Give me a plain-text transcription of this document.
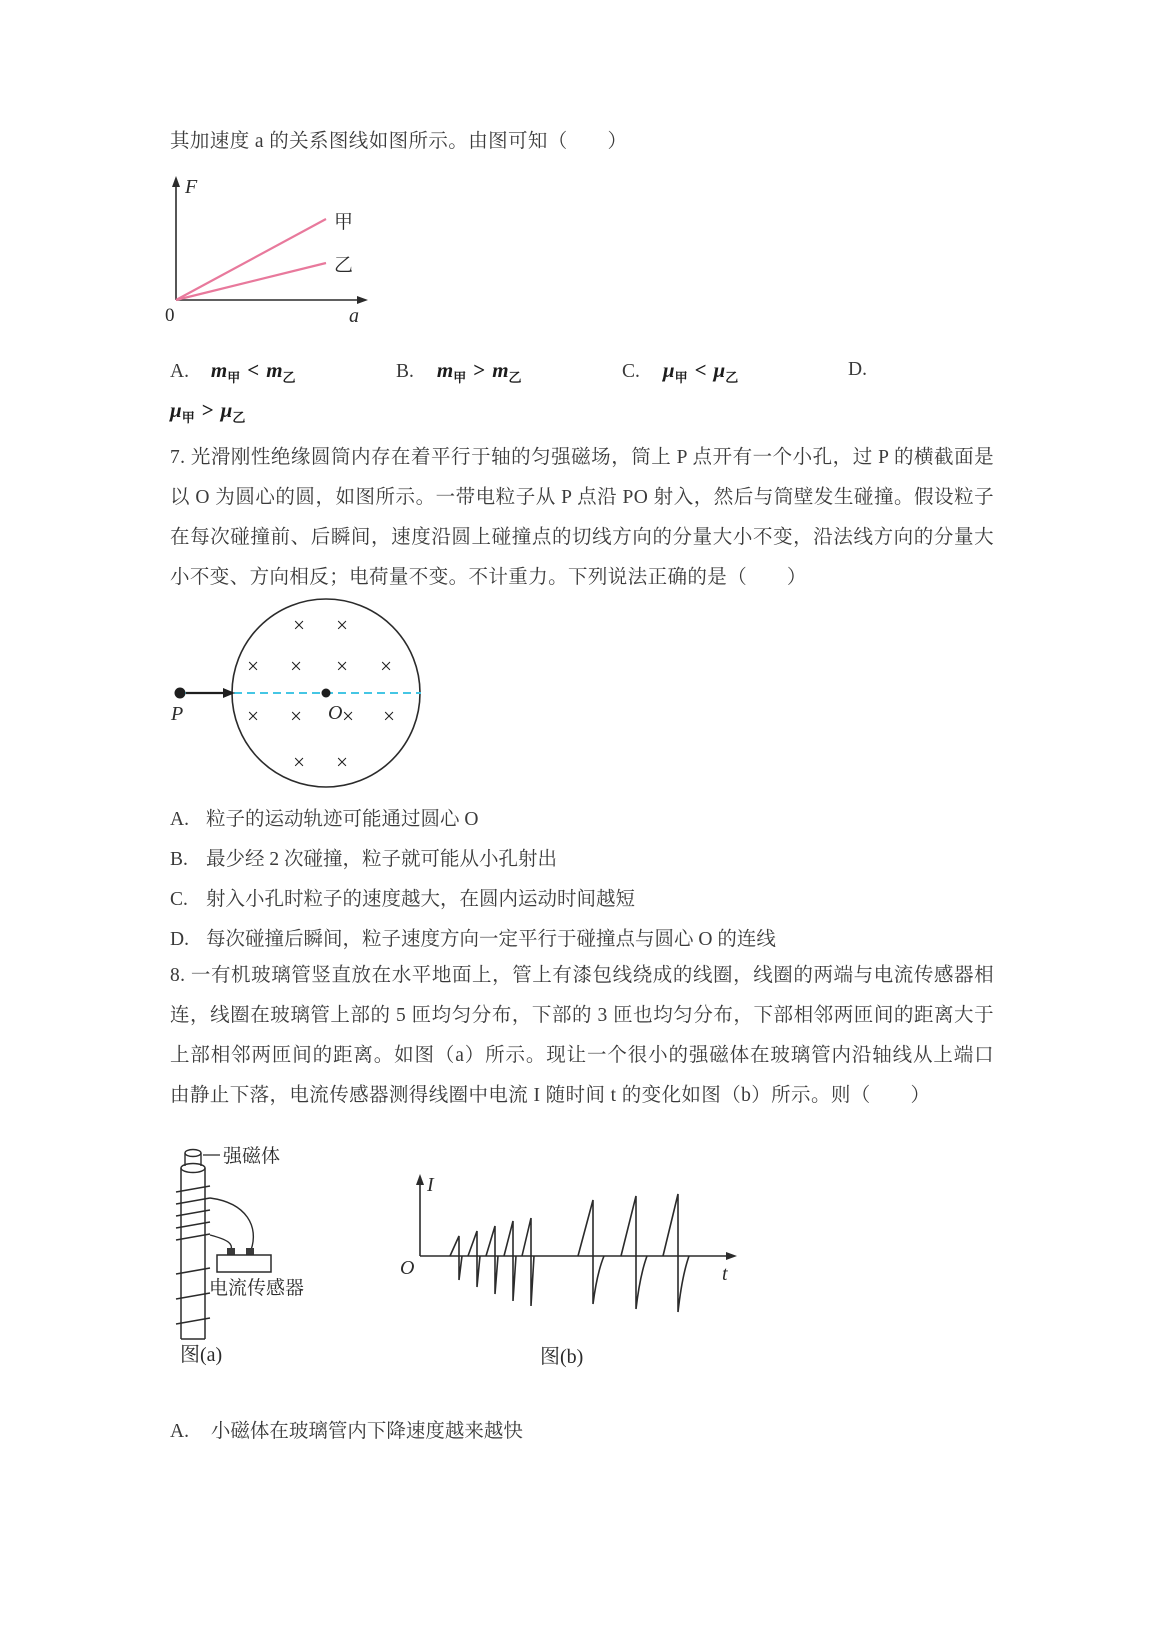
其加速度 a 的关系图线如图所示。由图可知（　　）
F
a
0
甲
乙
A. $m_甲 < m_乙$	B. $m_甲 > m_乙$	C. $\mu_甲 < \mu_乙$	D.
$\mu_甲 > \mu_乙$
7. 光滑刚性绝缘圆筒内存在着平行于轴的匀强磁场，筒上 P 点开有一个小孔，过 P 的横截面是以 O 为圆心的圆，如图所示。一带电粒子从 P 点沿 PO 射入，然后与筒壁发生碰撞。假设粒子在每次碰撞前、后瞬间，速度沿圆上碰撞点的切线方向的分量大小不变，沿法线方向的分量大小不变、方向相反；电荷量不变。不计重力。下列说法正确的是（　　）
P	O
× ×
× × × ×
× × × ×
× ×
A. 粒子的运动轨迹可能通过圆心 O
B. 最少经 2 次碰撞，粒子就可能从小孔射出
C. 射入小孔时粒子的速度越大，在圆内运动时间越短
D. 每次碰撞后瞬间，粒子速度方向一定平行于碰撞点与圆心 O 的连线
8. 一有机玻璃管竖直放在水平地面上，管上有漆包线绕成的线圈，线圈的两端与电流传感器相连，线圈在玻璃管上部的 5 匝均匀分布，下部的 3 匝也均匀分布，下部相邻两匝间的距离大于上部相邻两匝间的距离。如图（a）所示。现让一个很小的强磁体在玻璃管内沿轴线从上端口由静止下落，电流传感器测得线圈中电流 I 随时间 t 的变化如图（b）所示。则（　　）
强磁体
电流传感器
图(a)
I
O	t
图(b)
A. 小磁体在玻璃管内下降速度越来越快
